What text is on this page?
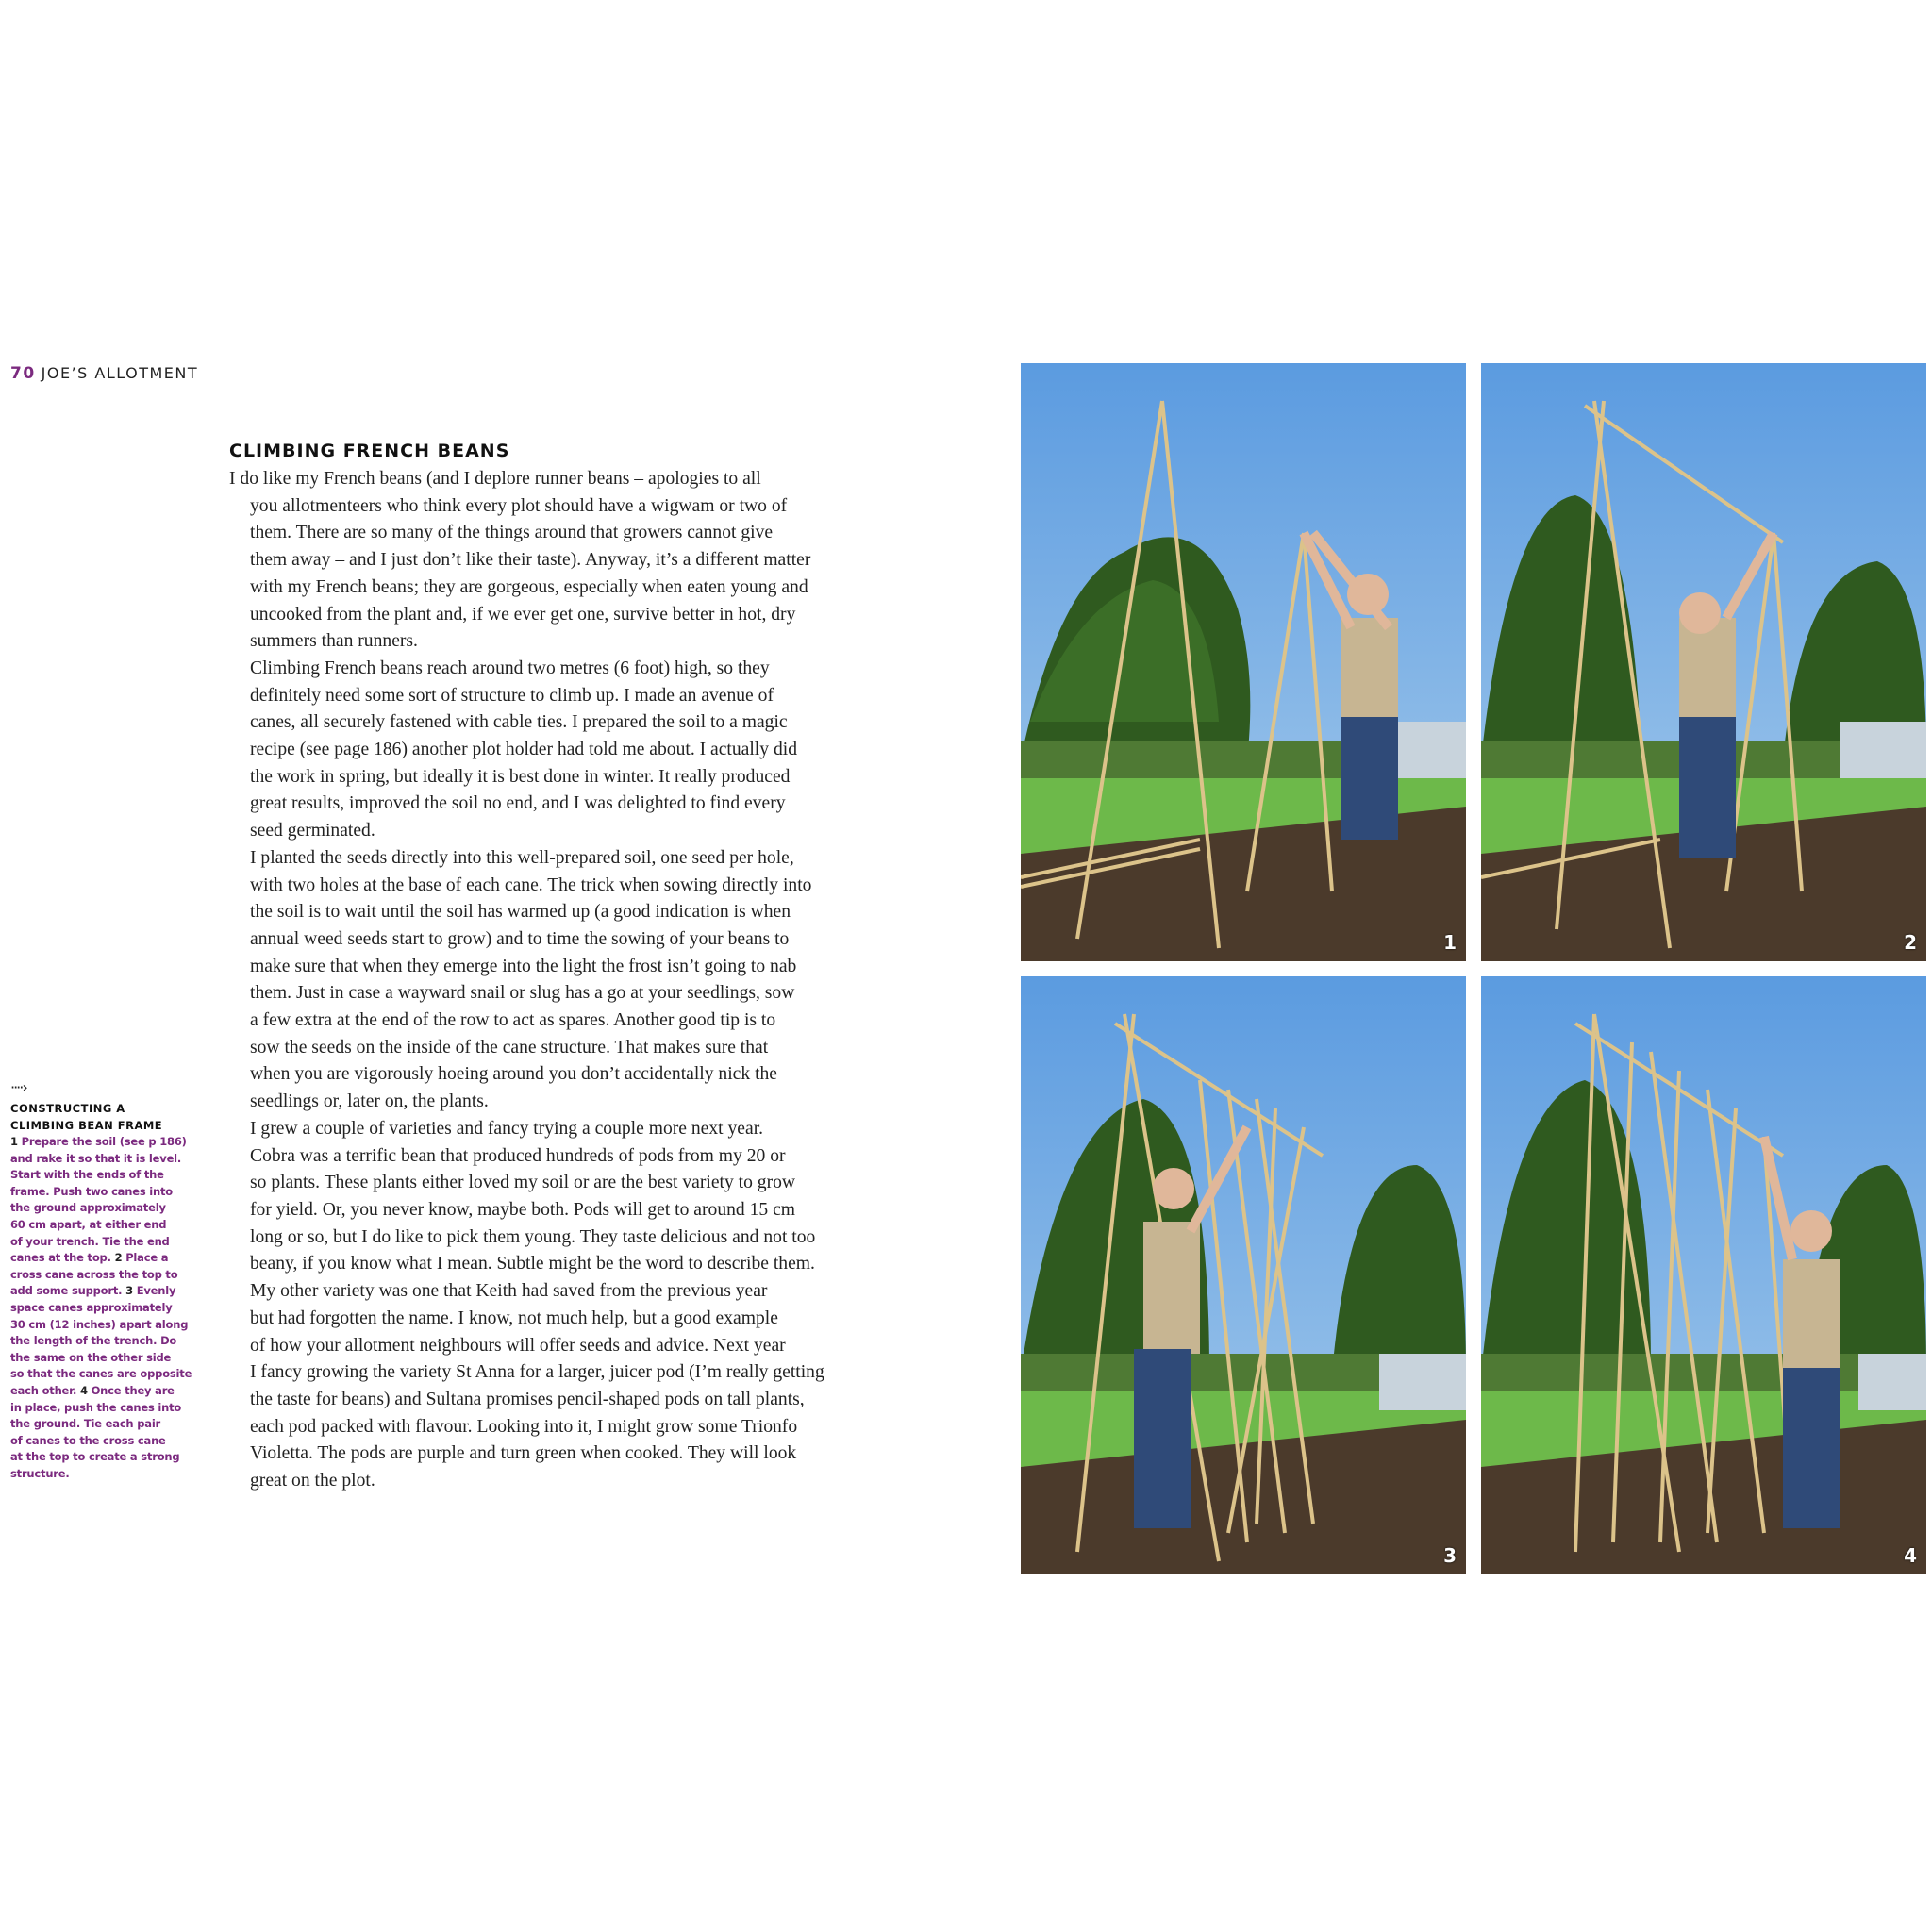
70 JOE’S ALLOTMENT
CLIMBING FRENCH BEANS

I do like my French beans (and I deplore runner beans – apologies to all

you allotmenteers who think every plot should have a wigwam or two of

them. There are so many of the things around that growers cannot give

them away – and I just don’t like their taste). Anyway, it’s a different matter

with my French beans; they are gorgeous, especially when eaten young and

uncooked from the plant and, if we ever get one, survive better in hot, dry

summers than runners.

Climbing French beans reach around two metres (6 foot) high, so they

definitely need some sort of structure to climb up. I made an avenue of

canes, all securely fastened with cable ties. I prepared the soil to a magic

recipe (see page 186) another plot holder had told me about. I actually did

the work in spring, but ideally it is best done in winter. It really produced

great results, improved the soil no end, and I was delighted to find every

seed germinated.

I planted the seeds directly into this well-prepared soil, one seed per hole,

with two holes at the base of each cane. The trick when sowing directly into

the soil is to wait until the soil has warmed up (a good indication is when

annual weed seeds start to grow) and to time the sowing of your beans to

make sure that when they emerge into the light the frost isn’t going to nab

them. Just in case a wayward snail or slug has a go at your seedlings, sow

a few extra at the end of the row to act as spares. Another good tip is to

sow the seeds on the inside of the cane structure. That makes sure that

when you are vigorously hoeing around you don’t accidentally nick the

seedlings or, later on, the plants.

I grew a couple of varieties and fancy trying a couple more next year.

Cobra was a terrific bean that produced hundreds of pods from my 20 or

so plants. These plants either loved my soil or are the best variety to grow

for yield. Or, you never know, maybe both. Pods will get to around 15 cm

long or so, but I do like to pick them young. They taste delicious and not too

beany, if you know what I mean. Subtle might be the word to describe them.

My other variety was one that Keith had saved from the previous year

but had forgotten the name. I know, not much help, but a good example

of how your allotment neighbours will offer seeds and advice. Next year

I fancy growing the variety St Anna for a larger, juicer pod (I’m really getting

the taste for beans) and Sultana promises pencil-shaped pods on tall plants,

each pod packed with flavour. Looking into it, I might grow some Trionfo

Violetta. The pods are purple and turn green when cooked. They will look

great on the plot.

····›
CONSTRUCTING A
CLIMBING BEAN FRAME
1 Prepare the soil (see p 186)
and rake it so that it is level.
Start with the ends of the
frame. Push two canes into
the ground approximately
60 cm apart, at either end
of your trench. Tie the end
canes at the top. 2 Place a
cross cane across the top to
add some support. 3 Evenly
space canes approximately
30 cm (12 inches) apart along
the length of the trench. Do
the same on the other side
so that the canes are opposite
each other. 4 Once they are
in place, push the canes into
the ground. Tie each pair
of canes to the cross cane
at the top to create a strong
structure.
1	2
3	4
